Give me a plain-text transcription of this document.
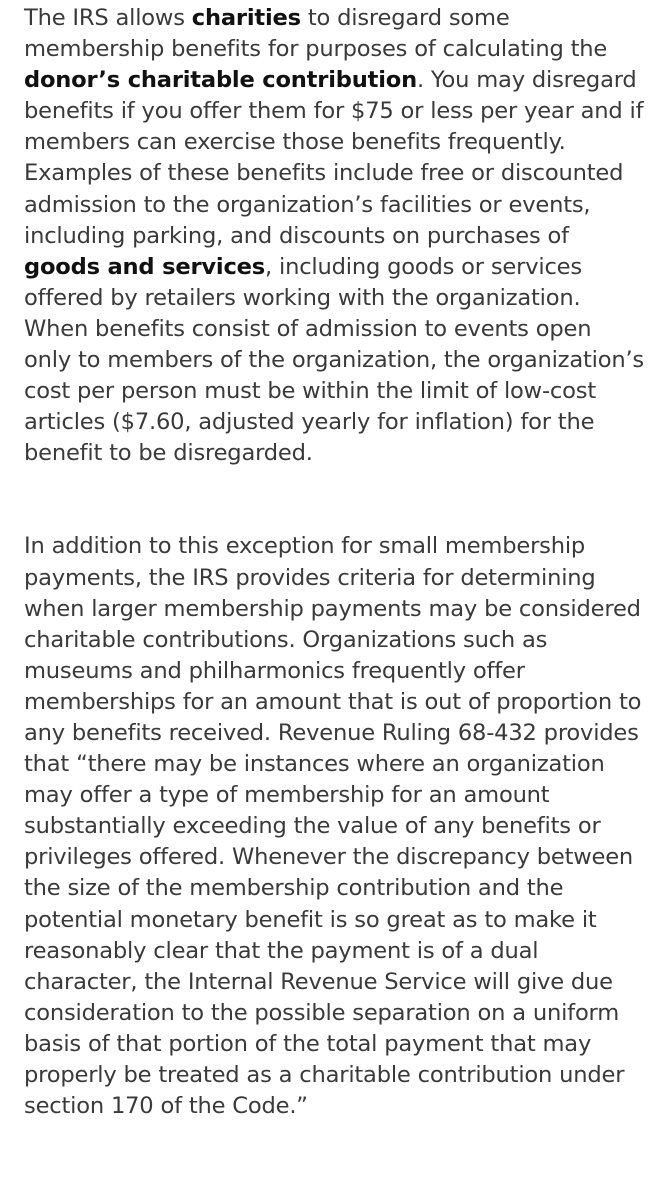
The IRS allows charities to disregard some membership benefits for purposes of calculating the donor’s charitable contribution. You may disregard benefits if you offer them for $75 or less per year and if members can exercise those benefits frequently. Examples of these benefits include free or discounted admission to the organization’s facilities or events, including parking, and discounts on purchases of goods and services, including goods or services offered by retailers working with the organization. When benefits consist of admission to events open only to members of the organization, the organization’s cost per person must be within the limit of low-cost articles ($7.60, adjusted yearly for inflation) for the benefit to be disregarded.

In addition to this exception for small membership payments, the IRS provides criteria for determining when larger membership payments may be considered charitable contributions. Organizations such as museums and philharmonics frequently offer memberships for an amount that is out of proportion to any benefits received. Revenue Ruling 68-432 provides that “there may be instances where an organization may offer a type of membership for an amount substantially exceeding the value of any benefits or privileges offered. Whenever the discrepancy between the size of the membership contribution and the potential monetary benefit is so great as to make it reasonably clear that the payment is of a dual character, the Internal Revenue Service will give due consideration to the possible separation on a uniform basis of that portion of the total payment that may properly be treated as a charitable contribution under section 170 of the Code.”
